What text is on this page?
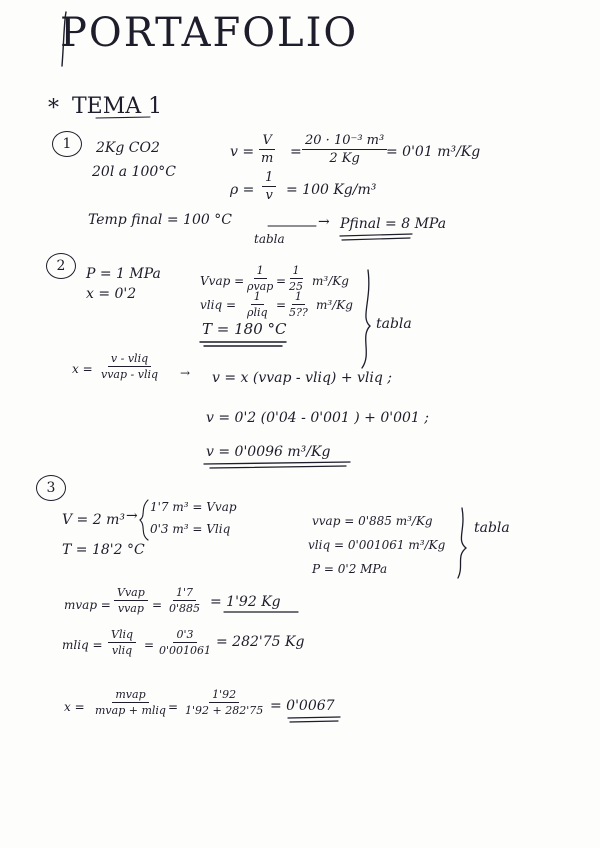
PORTAFOLIO
* TEMA 1
1	2Kg CO2
20l a 100°C
$v = \frac{V}{m} = \frac{\text{20 · 10⁻³ m³}}{2 Kg}$
= 0'01 m³/Kg
$\rho = \frac{1}{v} = 100$ Kg/m³
Temp final = 100 °C
tabla
→ Pfinal = 8 MPa
2	P = 1 MPa
x = 0'2
Vvap =
1
$\rho vap = \frac{1}{25} m^3/Kg$
vliq =
1
ρliq
= $\frac{1}{5??} m^3/Kg$
T = 180 °C	tabla
x =
v - vliq
vvap - vliq → v = x (vvap - vliq) + vliq ;
v = 0'2 (0'04 - 0'001 ) + 0'001 ;
v = 0'0096 m³/Kg
3
V = 2 m³ →
1'7 m³ = Vvap
0'3 m³ = Vliq
T = 18'2 °C
vvap = 0'885 m³/Kg
vliq = 0'001061 m³/Kg
P = 0'2 MPa
tabla
mvap =
Vvap
vvap = $\frac{1'7}{0'885} = 1'92$ Kg
mliq =
Vliq
vliq = $\frac{0'3}{0'001061} = 282'75$ Kg
x =
mvap
mvap + mliq = $\frac{1'92}{1'92 + 282'75} = 0'0067$
